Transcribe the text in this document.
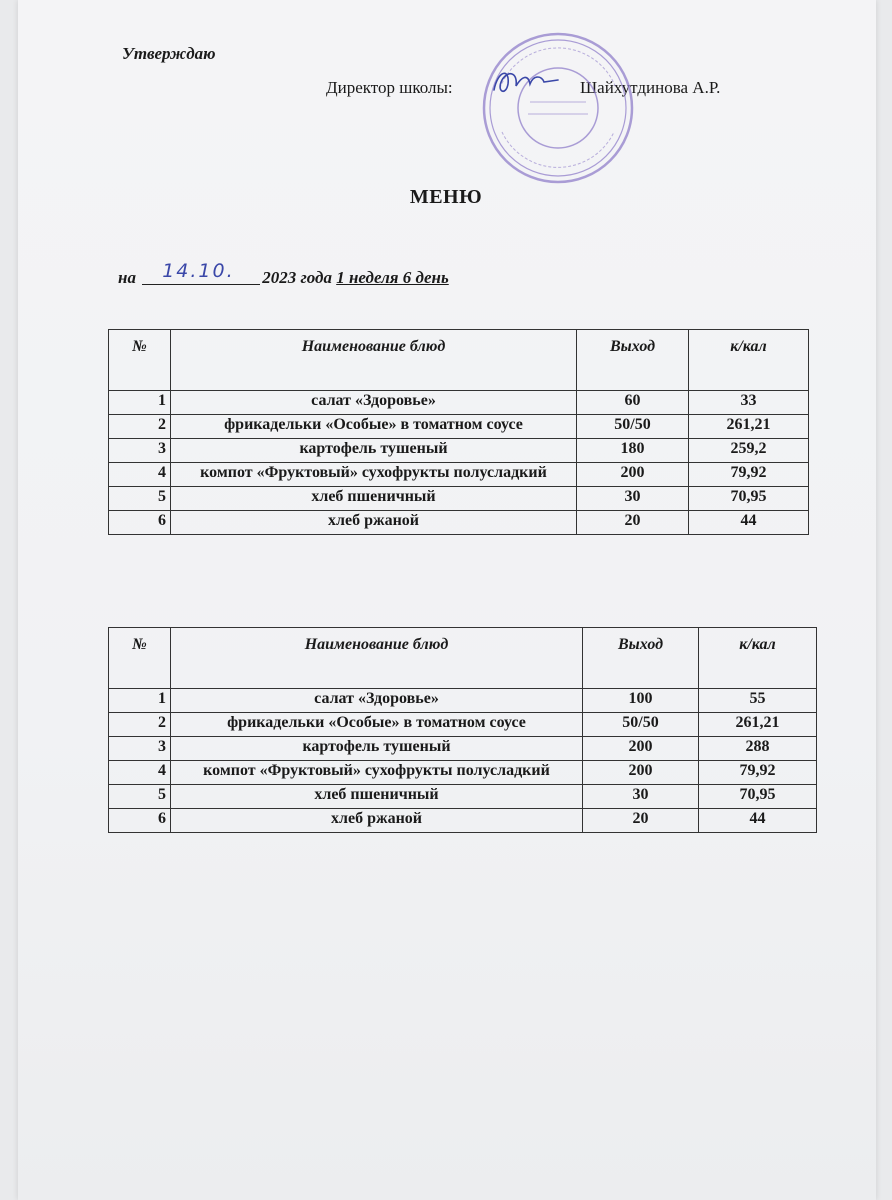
Утверждаю
Директор школы:	Шайхутдинова А.Р.
МЕНЮ
на 14.10. 2023 года 1 неделя 6 день
№	Наименование блюд	Выход	к/кал
1	салат «Здоровье»	60	33
2	фрикадельки «Особые» в томатном соусе	50/50	261,21
3	картофель тушеный	180	259,2
4	компот «Фруктовый» сухофрукты полусладкий	200	79,92
5	хлеб пшеничный	30	70,95
6	хлеб ржаной	20	44
№	Наименование блюд	Выход	к/кал
1	салат «Здоровье»	100	55
2	фрикадельки «Особые» в томатном соусе	50/50	261,21
3	картофель тушеный	200	288
4	компот «Фруктовый» сухофрукты полусладкий	200	79,92
5	хлеб пшеничный	30	70,95
6	хлеб ржаной	20	44
